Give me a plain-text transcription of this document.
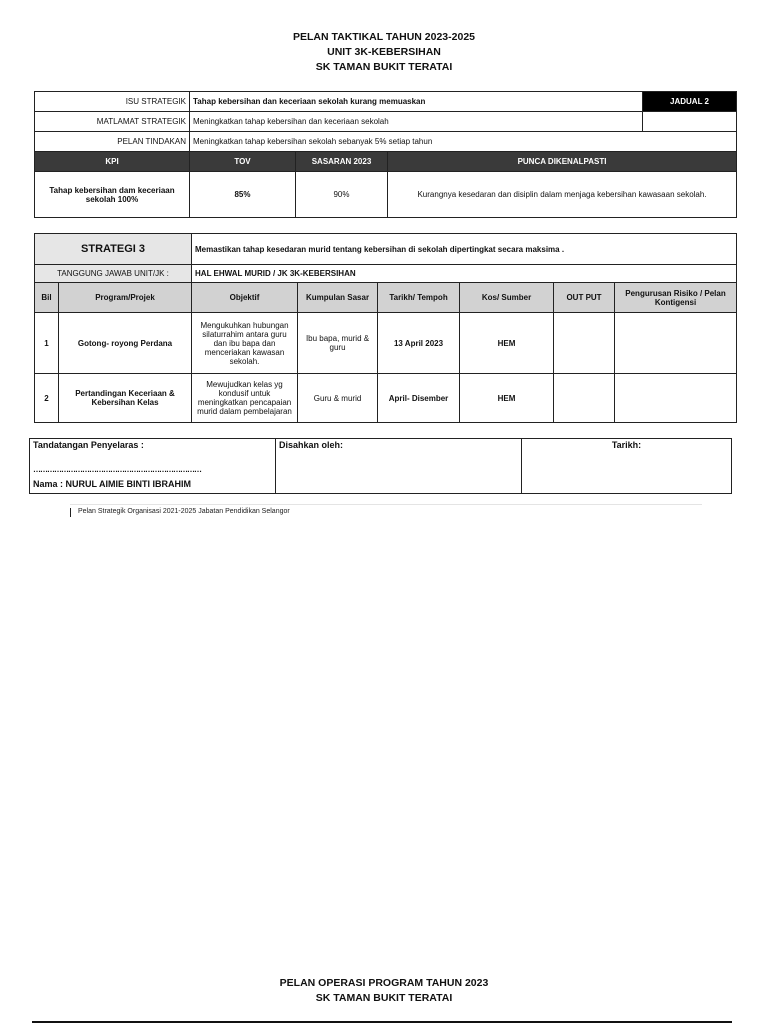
PELAN TAKTIKAL TAHUN 2023-2025
UNIT 3K-KEBERSIHAN
SK TAMAN BUKIT TERATAI
ISU STRATEGIK	Tahap kebersihan dan keceriaan sekolah kurang memuaskan			JADUAL 2
MATLAMAT STRATEGIK	Meningkatkan tahap kebersihan dan keceriaan sekolah			
PELAN TINDAKAN	Meningkatkan tahap kebersihan sekolah sebanyak 5% setiap tahun			
KPI	TOV	SASARAN 2023	PUNCA DIKENALPASTI	
Tahap kebersihan dam keceriaan sekolah 100%	85%	90%	Kurangnya kesedaran dan disiplin dalam menjaga kebersihan kawasaan sekolah.	
STRATEGI 3		Memastikan tahap kesedaran murid tentang kebersihan di sekolah dipertingkat secara maksima .					
TANGGUNG JAWAB UNIT/JK :		HAL EHWAL MURID / JK 3K-KEBERSIHAN					
Bil	Program/Projek	Objektif	Kumpulan Sasar	Tarikh/ Tempoh	Kos/ Sumber	OUT PUT	Pengurusan Risiko / Pelan Kontigensi
1	Gotong- royong Perdana	Mengukuhkan hubungan silaturrahim antara guru dan ibu bapa dan menceriakan kawasan sekolah.	Ibu bapa, murid & guru	13 April 2023	HEM		
2	Pertandingan Keceriaan & Kebersihan Kelas	Mewujudkan kelas yg kondusif untuk meningkatkan pencapaian murid dalam pembelajaran	Guru & murid	April- Disember	HEM		
Tandatangan Penyelaras :
………………………………………………………………
Nama : NURUL AIMIE BINTI IBRAHIM
	Disahkan oleh:	Tarikh:
Pelan Strategik Organisasi 2021-2025 Jabatan Pendidikan Selangor
PELAN OPERASI PROGRAM TAHUN 2023
SK TAMAN BUKIT TERATAI
